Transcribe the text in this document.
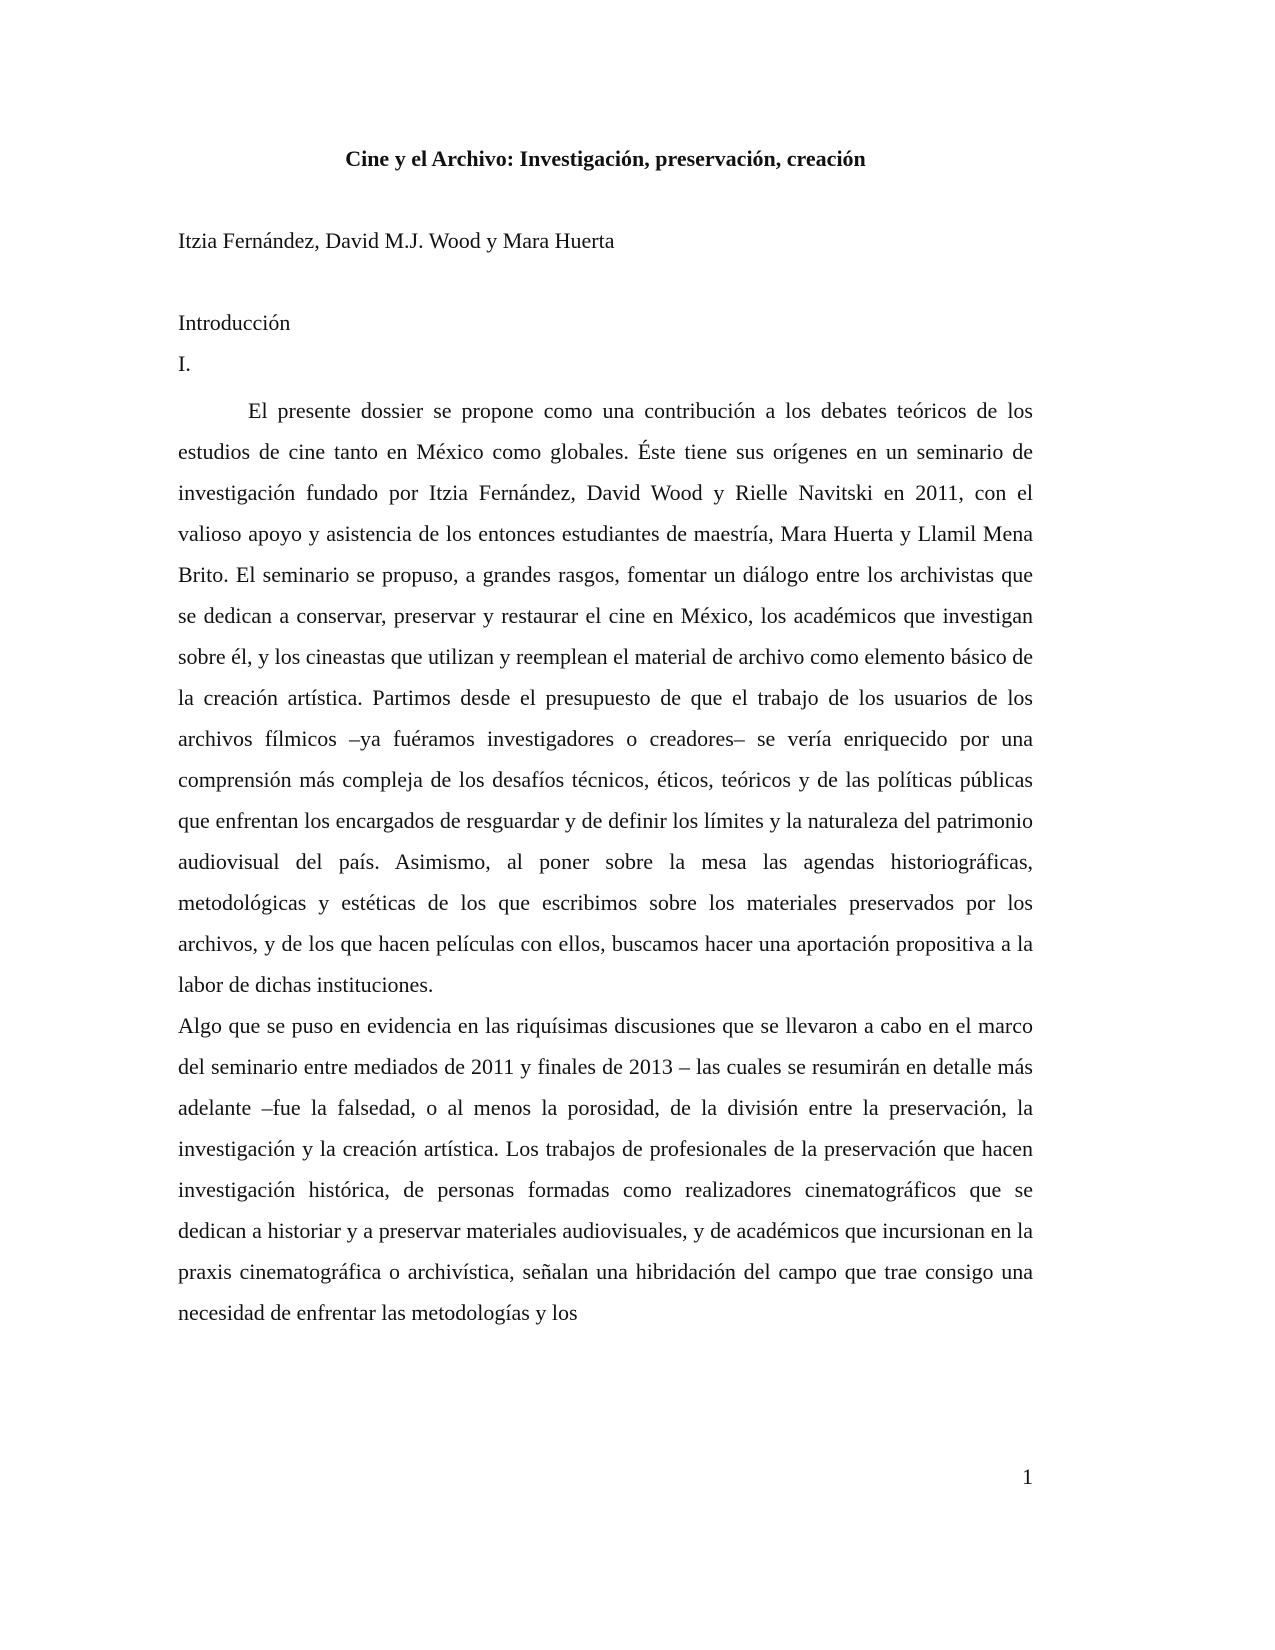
Cine y el Archivo: Investigación, preservación, creación
Itzia Fernández, David M.J. Wood y Mara Huerta
Introducción
I.

El presente dossier se propone como una contribución a los debates teóricos de los estudios de cine tanto en México como globales. Éste tiene sus orígenes en un seminario de investigación fundado por Itzia Fernández, David Wood y Rielle Navitski en 2011, con el valioso apoyo y asistencia de los entonces estudiantes de maestría, Mara Huerta y Llamil Mena Brito. El seminario se propuso, a grandes rasgos, fomentar un diálogo entre los archivistas que se dedican a conservar, preservar y restaurar el cine en México, los académicos que investigan sobre él, y los cineastas que utilizan y reemplean el material de archivo como elemento básico de la creación artística. Partimos desde el presupuesto de que el trabajo de los usuarios de los archivos fílmicos –ya fuéramos investigadores o creadores– se vería enriquecido por una comprensión más compleja de los desafíos técnicos, éticos, teóricos y de las políticas públicas que enfrentan los encargados de resguardar y de definir los límites y la naturaleza del patrimonio audiovisual del país. Asimismo, al poner sobre la mesa las agendas historiográficas, metodológicas y estéticas de los que escribimos sobre los materiales preservados por los archivos, y de los que hacen películas con ellos, buscamos hacer una aportación propositiva a la labor de dichas instituciones.

Algo que se puso en evidencia en las riquísimas discusiones que se llevaron a cabo en el marco del seminario entre mediados de 2011 y finales de 2013 – las cuales se resumirán en detalle más adelante –fue la falsedad, o al menos la porosidad, de la división entre la preservación, la investigación y la creación artística. Los trabajos de profesionales de la preservación que hacen investigación histórica, de personas formadas como realizadores cinematográficos que se dedican a historiar y a preservar materiales audiovisuales, y de académicos que incursionan en la praxis cinematográfica o archivística, señalan una hibridación del campo que trae consigo una necesidad de enfrentar las metodologías y los

1
